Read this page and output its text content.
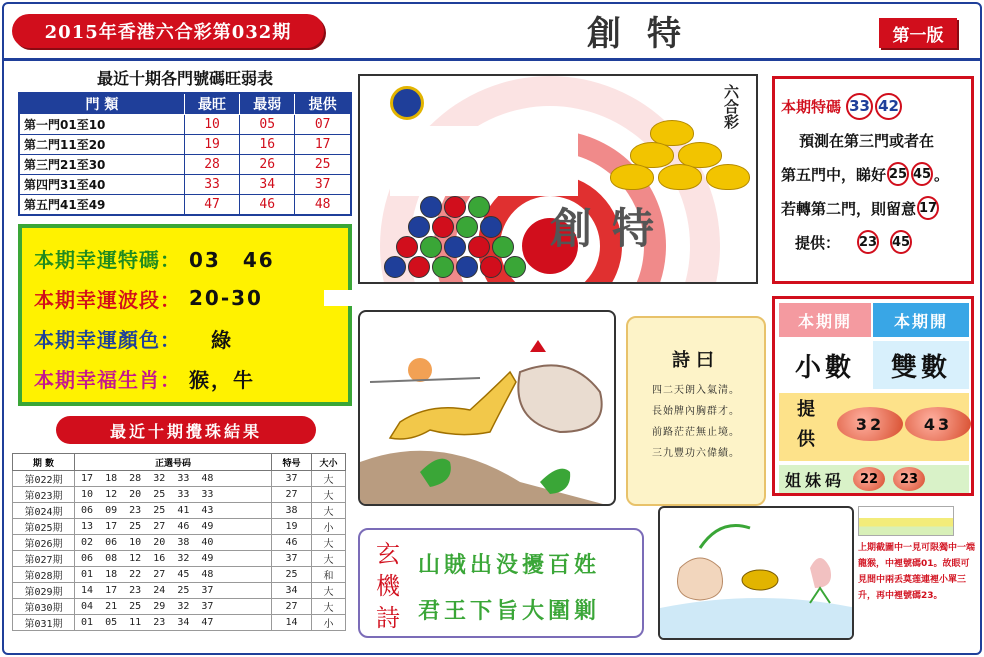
2015年香港六合彩第032期	創特	第一版
最近十期各門號碼旺弱表
門 類	最旺	最弱	提供
第一門01至10	10	05	07
第二門11至20	19	16	17
第三門21至30	28	26	25
第四門31至40	33	34	37
第五門41至49	47	46	48
本期幸運特碼： 03　46
本期幸運波段： 20-30
本期幸運顏色： 綠
本期幸福生肖： 猴，牛
最近十期攪珠結果
期 數	正選号码	特号	大小
第022期	17  18  28  32  33  48	37	大
第023期	10  12  20  25  33  33	27	大
第024期	06  09  23  25  41  43	38	大
第025期	13  17  25  27  46  49	19	小
第026期	02  06  10  20  38  40	46	大
第027期	06  08  12  16  32  49	37	大
第028期	01  18  22  27  45  48	25	和
第029期	14  17  23  24  25  37	34	大
第030期	04  21  25  29  32  37	27	大
第031期	01  05  11  23  34  47	14	小
六合彩
創特
詩曰
四二天朗入氣清。
長始牌內胸群才。
前路茫茫無止境。
三九豐功六偉績。
本期特碼 33 42
預測在第三門或者在
第五門中，睇好 25 45 。
若轉第二門，則留意 17
提供： 23 45
本期開	本期開
小數	雙數
提供	32	43
姐妹码	22	23
玄機詩
山賊出没擾百姓
君王下旨大圍剿
上期截圖中一見可限獨中一端龍猴，中裡號碼01。故眼可見間中兩丢莫莲連裡小單三升，再中裡號碼23。
